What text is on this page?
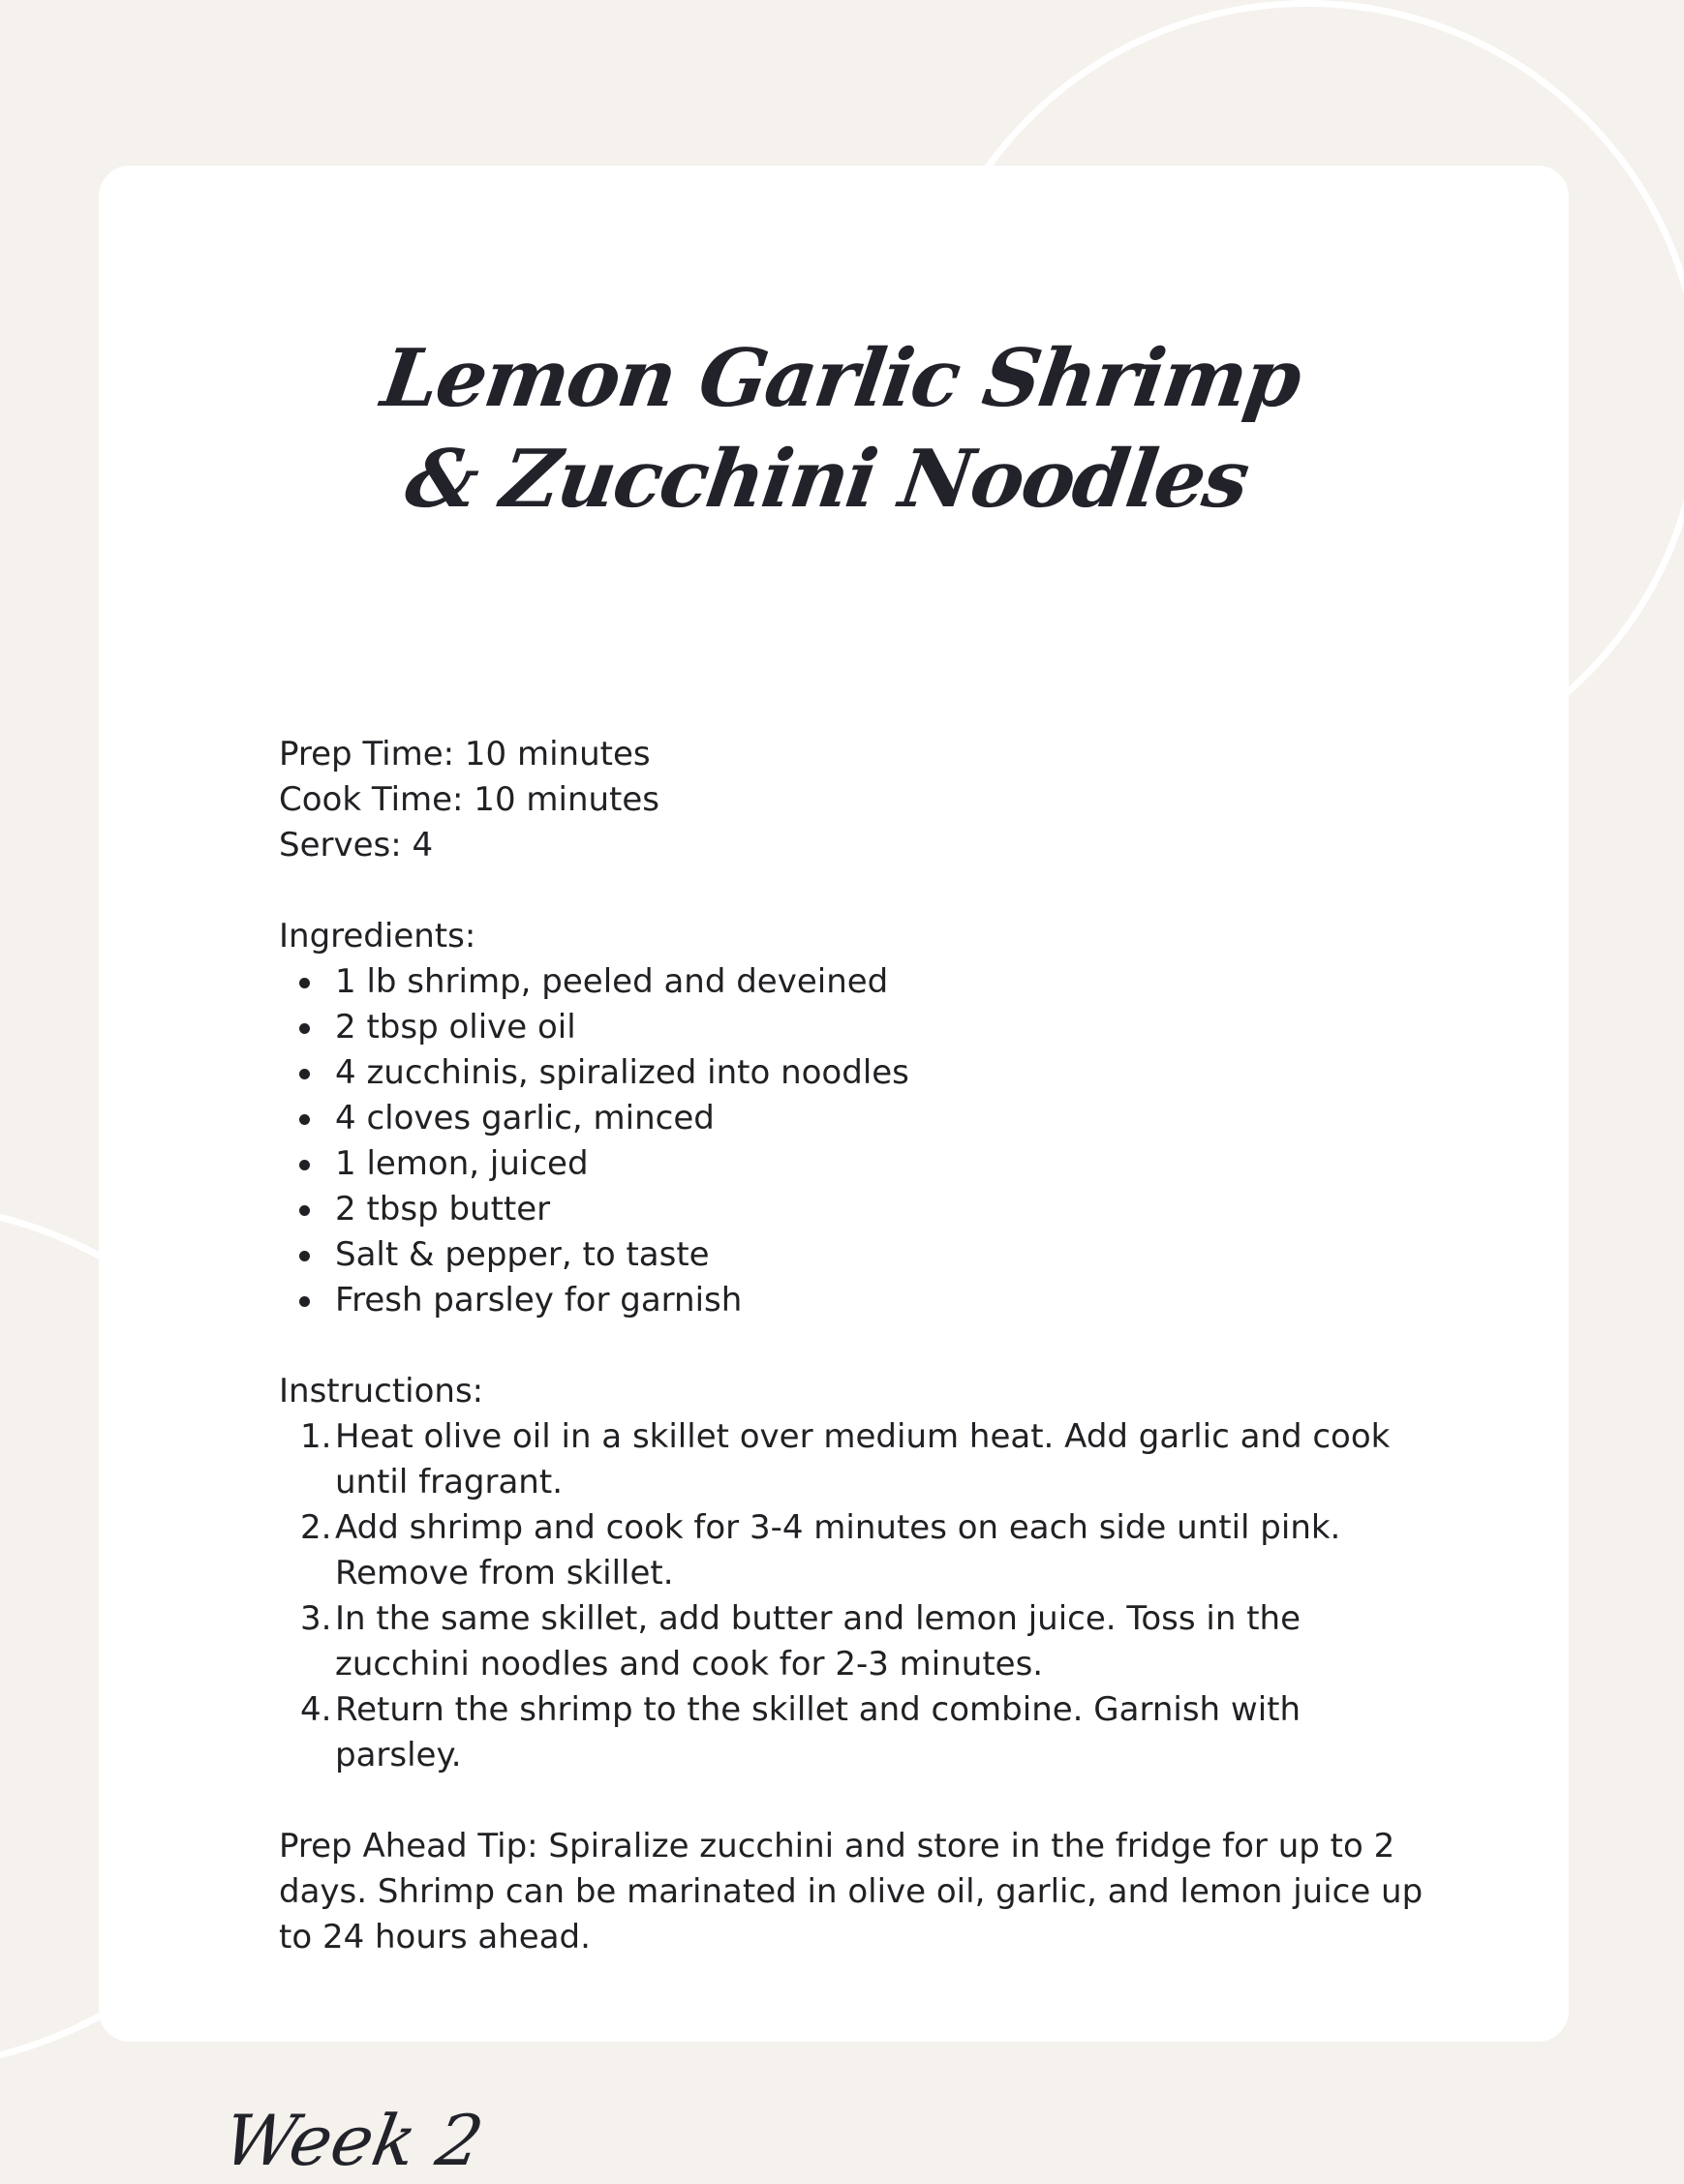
Lemon Garlic Shrimp
& Zucchini Noodles

Prep Time: 10 minutes

Cook Time: 10 minutes

Serves: 4

Ingredients:

1 lb shrimp, peeled and deveined
2 tbsp olive oil
4 zucchinis, spiralized into noodles
4 cloves garlic, minced
1 lemon, juiced
2 tbsp butter
Salt & pepper, to taste
Fresh parsley for garnish

Instructions:

1. Heat olive oil in a skillet over medium heat. Add garlic and cook until fragrant.
2. Add shrimp and cook for 3-4 minutes on each side until pink. Remove from skillet.
3. In the same skillet, add butter and lemon juice. Toss in the zucchini noodles and cook for 2-3 minutes.
4. Return the shrimp to the skillet and combine. Garnish with parsley.

Prep Ahead Tip: Spiralize zucchini and store in the fridge for up to 2 days. Shrimp can be marinated in olive oil, garlic, and lemon juice up to 24 hours ahead.

Week 2
